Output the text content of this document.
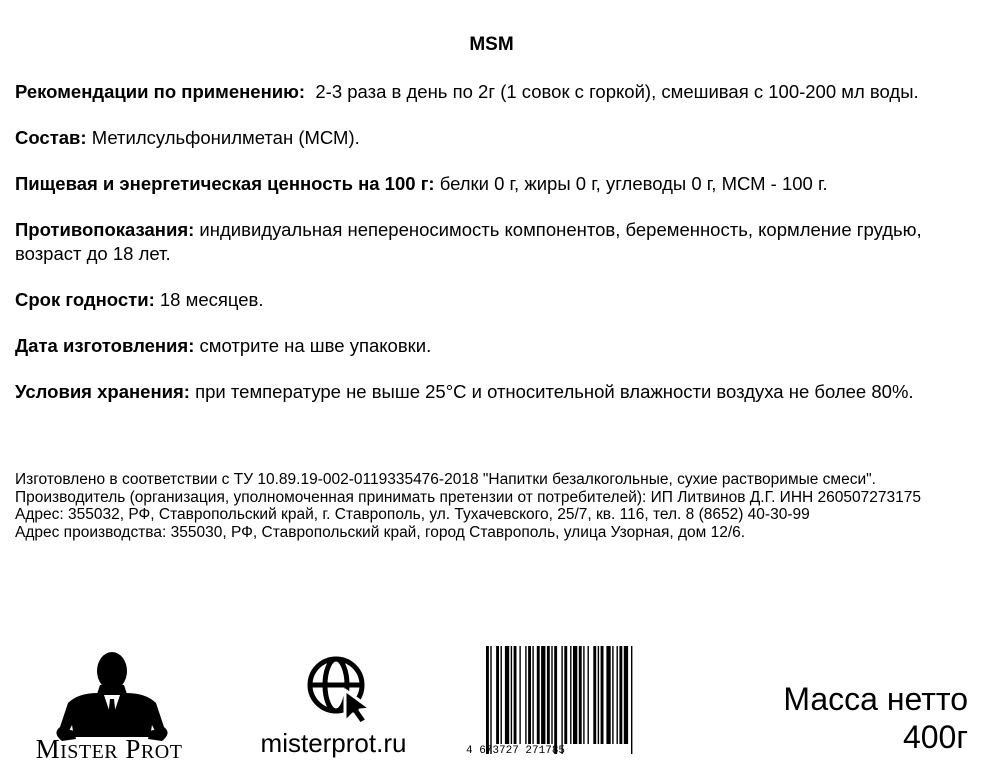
MSM
Рекомендации по применению:  2-3 раза в день по 2г (1 совок с горкой), смешивая с 100-200 мл воды.
Состав: Метилсульфонилметан (МСМ).
Пищевая и энергетическая ценность на 100 г: белки 0 г, жиры 0 г, углеводы 0 г, МСМ - 100 г.
Противопоказания: индивидуальная непереносимость компонентов, беременность, кормление грудью, возраст до 18 лет.
Срок годности: 18 месяцев.
Дата изготовления: смотрите на шве упаковки.
Условия хранения: при температуре не выше 25°C и относительной влажности воздуха не более 80%.

Изготовлено в соответствии с ТУ 10.89.19-002-0119335476-2018 "Напитки безалкогольные, сухие растворимые смеси".

Производитель (организация, уполномоченная принимать претензии от потребителей): ИП Литвинов Д.Г. ИНН 260507273175

Адрес: 355032, РФ, Ставропольский край, г. Ставрополь, ул. Тухачевского, 25/7, кв. 116, тел. 8 (8652) 40-30-99

Адрес производства: 355030, РФ, Ставропольский край, город Ставрополь, улица Узорная, дом 12/6.

MISTER PROT	misterprot.ru	4 673727 271785
Масса нетто
400г
